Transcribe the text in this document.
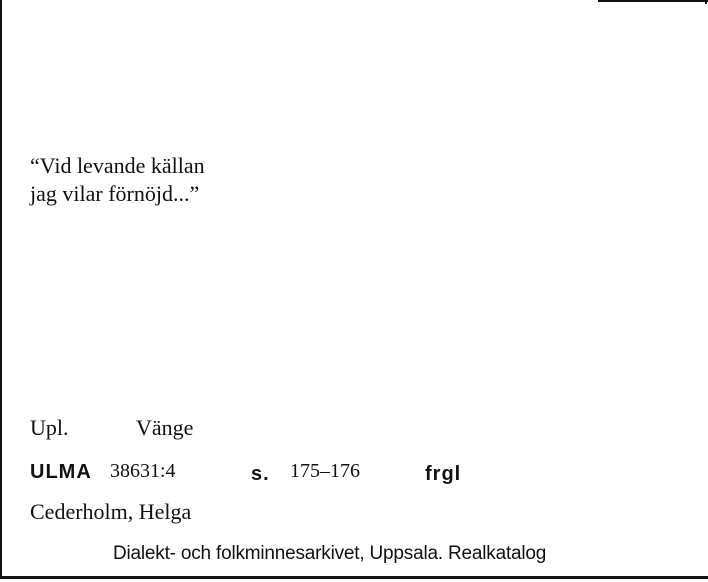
“Vid levande källan
jag vilar förnöjd...”
Upl.	Vänge
ULMA 38631:4	s. 175–176	frgl
Cederholm, Helga
Dialekt- och folkminnesarkivet, Uppsala. Realkatalog
